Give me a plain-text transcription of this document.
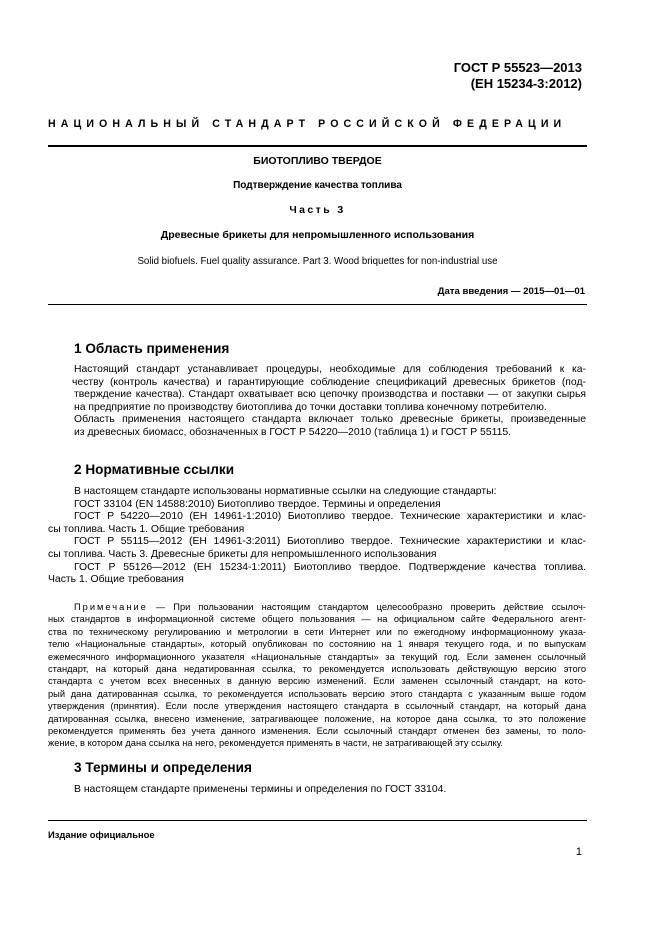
ГОСТ Р 55523—2013
(ЕН 15234-3:2012)
НАЦИОНАЛЬНЫЙ СТАНДАРТ РОССИЙСКОЙ ФЕДЕРАЦИИ
БИОТОПЛИВО ТВЕРДОЕ
Подтверждение качества топлива
Часть 3
Древесные брикеты для непромышленного использования
Solid biofuels. Fuel quality assurance. Part 3. Wood briquettes for non-industrial use
Дата введения — 2015—01—01
1 Область применения
Настоящий стандарт устанавливает процедуры, необходимые для соблюдения требований к ка-
честву (контроль качества) и гарантирующие соблюдение спецификаций древесных брикетов (под-
тверждение качества). Стандарт охватывает всю цепочку производства и поставки — от закупки сырья
на предприятие по производству биотоплива до точки доставки топлива конечному потребителю.
Область применения настоящего стандарта включает только древесные брикеты, произведенные
из древесных биомасс, обозначенных в ГОСТ Р 54220—2010 (таблица 1) и ГОСТ Р 55115.
2 Нормативные ссылки
В настоящем стандарте использованы нормативные ссылки на следующие стандарты:
ГОСТ 33104 (EN 14588:2010) Биотопливо твердое. Термины и определения
ГОСТ Р 54220—2010 (ЕН 14961-1:2010) Биотопливо твердое. Технические характеристики и клас-
сы топлива. Часть 1. Общие требования
ГОСТ Р 55115—2012 (ЕН 14961-3:2011) Биотопливо твердое. Технические характеристики и клас-
сы топлива. Часть 3. Древесные брикеты для непромышленного использования
ГОСТ Р 55126—2012 (ЕН 15234-1:2011) Биотопливо твердое. Подтверждение качества топлива.
Часть 1. Общие требования
Примечание — При пользовании настоящим стандартом целесообразно проверить действие ссылоч-
ных стандартов в информационной системе общего пользования — на официальном сайте Федерального агент-
ства по техническому регулированию и метрологии в сети Интернет или по ежегодному информационному указа-
телю «Национальные стандарты», который опубликован по состоянию на 1 января текущего года, и по выпускам
ежемесячного информационного указателя «Национальные стандарты» за текущий год. Если заменен ссылочный
стандарт, на который дана недатированная ссылка, то рекомендуется использовать действующую версию этого
стандарта с учетом всех внесенных в данную версию изменений. Если заменен ссылочный стандарт, на кото-
рый дана датированная ссылка, то рекомендуется использовать версию этого стандарта с указанным выше годом
утверждения (принятия). Если после утверждения настоящего стандарта в ссылочный стандарт, на который дана
датированная ссылка, внесено изменение, затрагивающее положение, на которое дана ссылка, то это положение
рекомендуется применять без учета данного изменения. Если ссылочный стандарт отменен без замены, то поло-
жение, в котором дана ссылка на него, рекомендуется применять в части, не затрагивающей эту ссылку.
3 Термины и определения
В настоящем стандарте применены термины и определения по ГОСТ 33104.
Издание официальное
1
